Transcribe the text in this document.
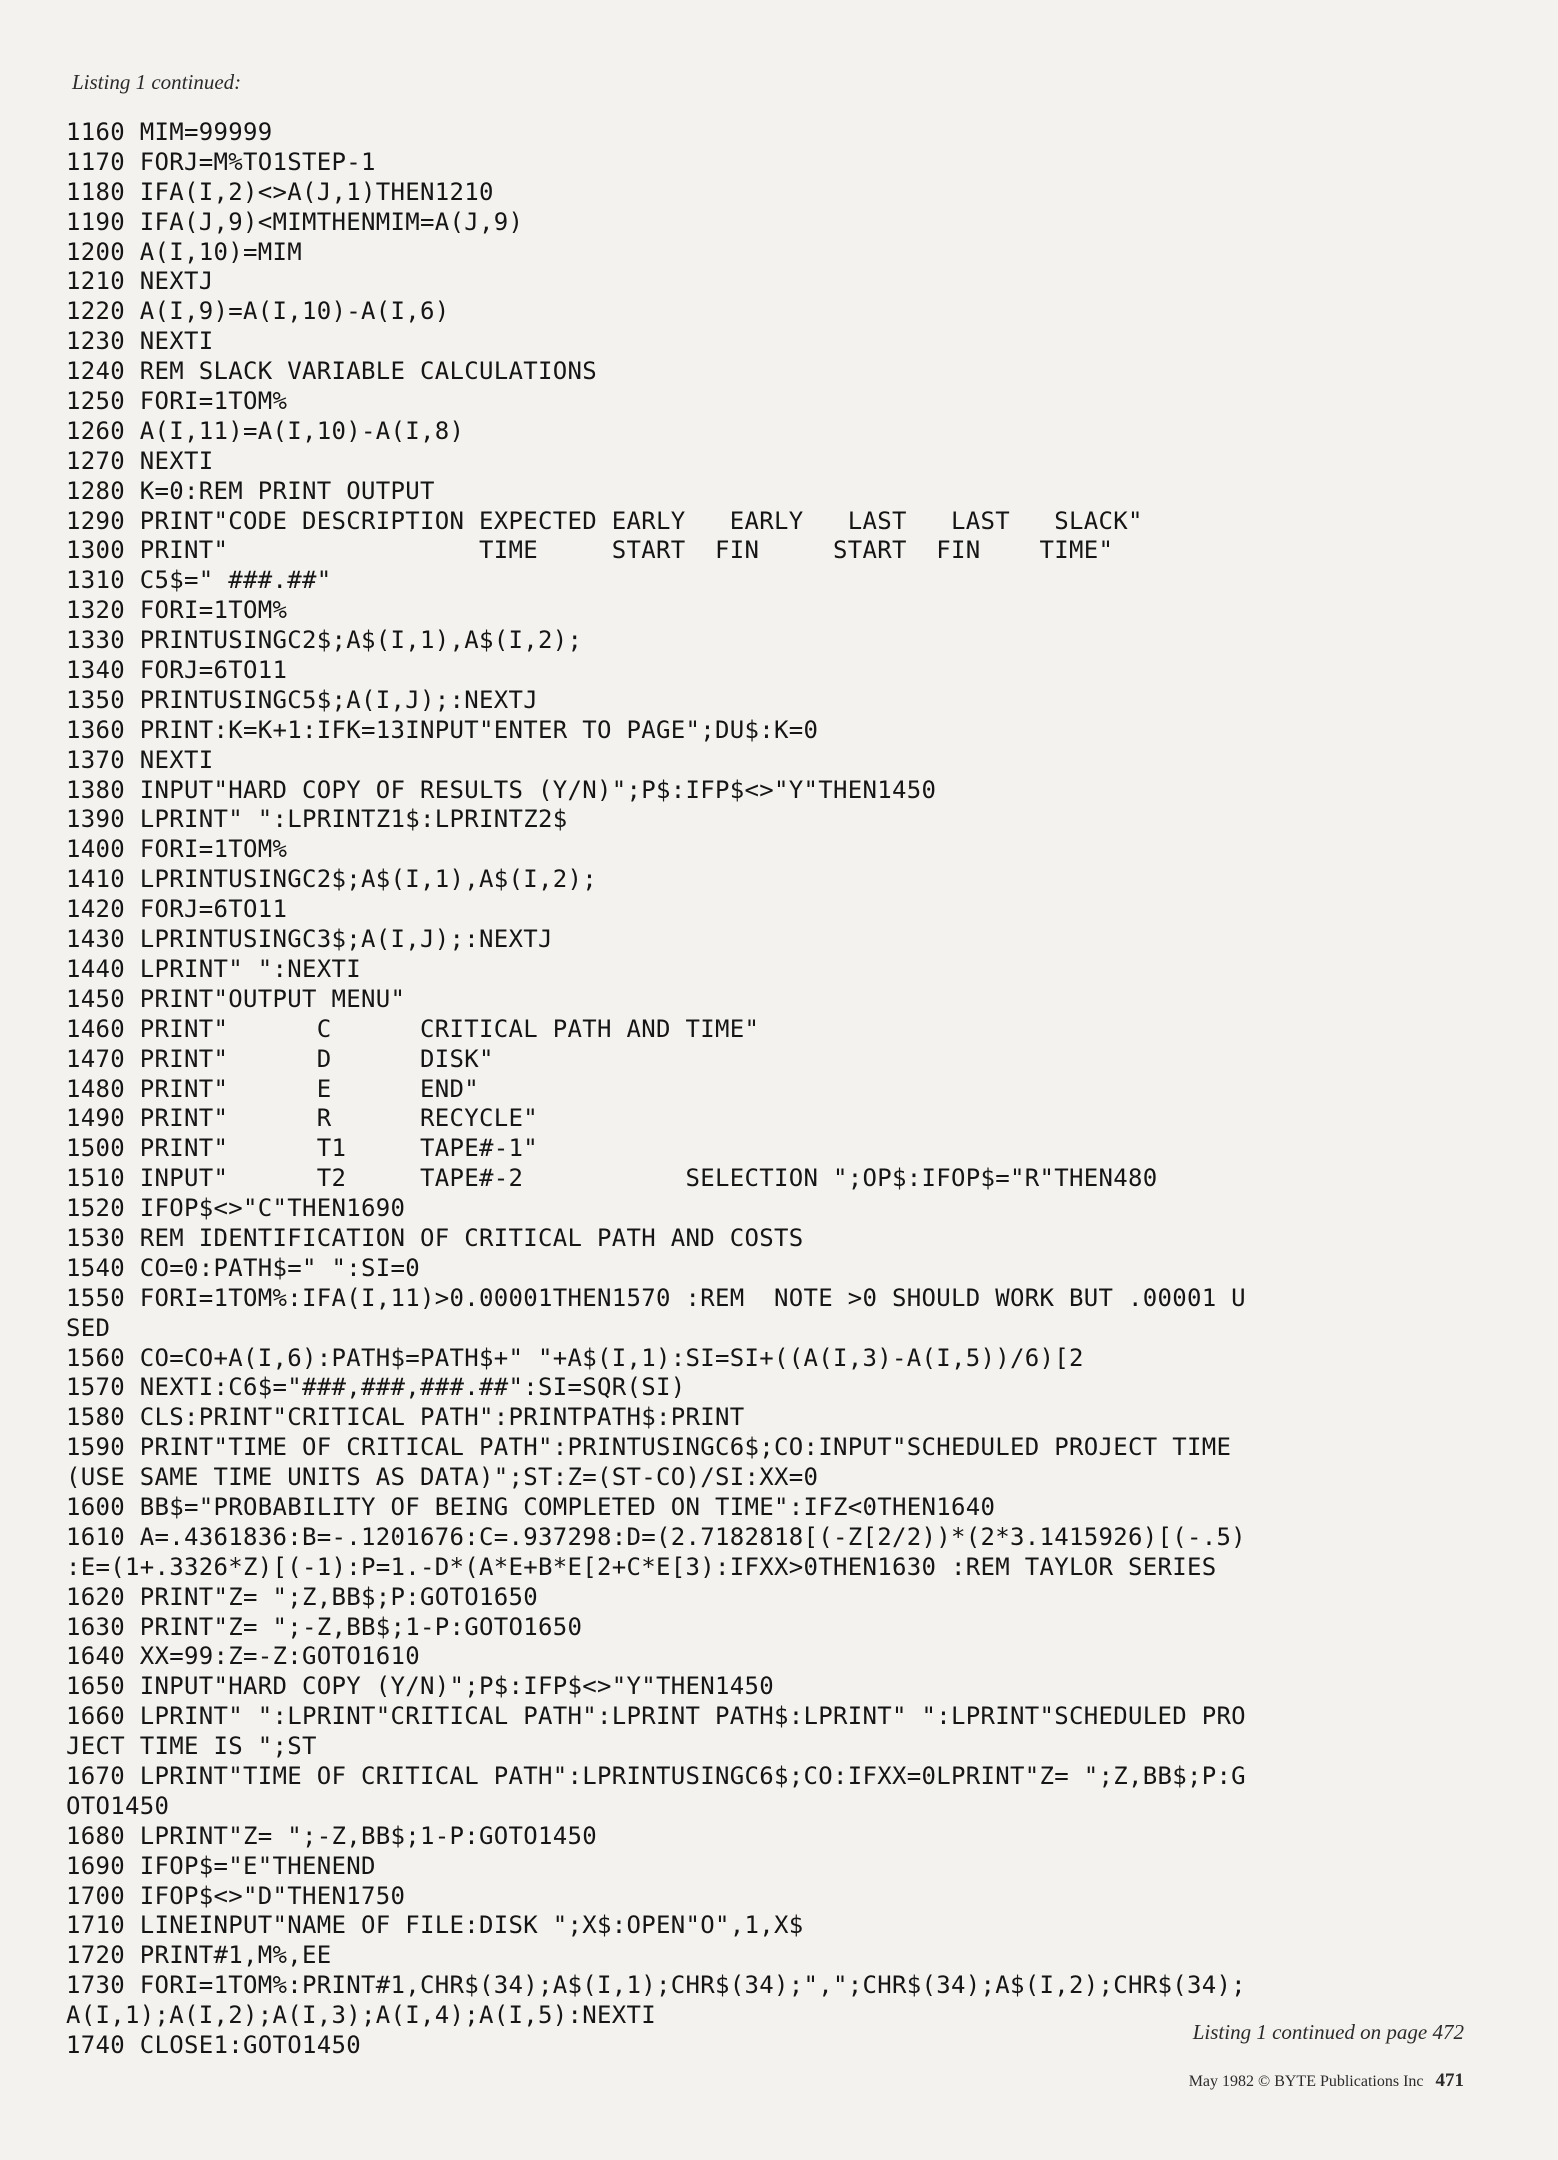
Listing 1 continued:
1160 MIM=99999
1170 FORJ=M%TO1STEP-1
1180 IFA(I,2)<>A(J,1)THEN1210
1190 IFA(J,9)<MIMTHENMIM=A(J,9)
1200 A(I,10)=MIM
1210 NEXTJ
1220 A(I,9)=A(I,10)-A(I,6)
1230 NEXTI
1240 REM SLACK VARIABLE CALCULATIONS
1250 FORI=1TOM%
1260 A(I,11)=A(I,10)-A(I,8)
1270 NEXTI
1280 K=0:REM PRINT OUTPUT
1290 PRINT"CODE DESCRIPTION EXPECTED EARLY   EARLY   LAST   LAST   SLACK"
1300 PRINT"                 TIME     START  FIN     START  FIN    TIME"
1310 C5$=" ###.##"
1320 FORI=1TOM%
1330 PRINTUSINGC2$;A$(I,1),A$(I,2);
1340 FORJ=6TO11
1350 PRINTUSINGC5$;A(I,J);:NEXTJ
1360 PRINT:K=K+1:IFK=13INPUT"ENTER TO PAGE";DU$:K=0
1370 NEXTI
1380 INPUT"HARD COPY OF RESULTS (Y/N)";P$:IFP$<>"Y"THEN1450
1390 LPRINT" ":LPRINTZ1$:LPRINTZ2$
1400 FORI=1TOM%
1410 LPRINTUSINGC2$;A$(I,1),A$(I,2);
1420 FORJ=6TO11
1430 LPRINTUSINGC3$;A(I,J);:NEXTJ
1440 LPRINT" ":NEXTI
1450 PRINT"OUTPUT MENU"
1460 PRINT"      C      CRITICAL PATH AND TIME"
1470 PRINT"      D      DISK"
1480 PRINT"      E      END"
1490 PRINT"      R      RECYCLE"
1500 PRINT"      T1     TAPE#-1"
1510 INPUT"      T2     TAPE#-2           SELECTION ";OP$:IFOP$="R"THEN480
1520 IFOP$<>"C"THEN1690
1530 REM IDENTIFICATION OF CRITICAL PATH AND COSTS
1540 CO=0:PATH$=" ":SI=0
1550 FORI=1TOM%:IFA(I,11)>0.00001THEN1570 :REM  NOTE >0 SHOULD WORK BUT .00001 U
SED
1560 CO=CO+A(I,6):PATH$=PATH$+" "+A$(I,1):SI=SI+((A(I,3)-A(I,5))/6)[2
1570 NEXTI:C6$="###,###,###.##":SI=SQR(SI)
1580 CLS:PRINT"CRITICAL PATH":PRINTPATH$:PRINT
1590 PRINT"TIME OF CRITICAL PATH":PRINTUSINGC6$;CO:INPUT"SCHEDULED PROJECT TIME
(USE SAME TIME UNITS AS DATA)";ST:Z=(ST-CO)/SI:XX=0
1600 BB$="PROBABILITY OF BEING COMPLETED ON TIME":IFZ<0THEN1640
1610 A=.4361836:B=-.1201676:C=.937298:D=(2.7182818[(-Z[2/2))*(2*3.1415926)[(-.5)
:E=(1+.3326*Z)[(-1):P=1.-D*(A*E+B*E[2+C*E[3):IFXX>0THEN1630 :REM TAYLOR SERIES
1620 PRINT"Z= ";Z,BB$;P:GOTO1650
1630 PRINT"Z= ";-Z,BB$;1-P:GOTO1650
1640 XX=99:Z=-Z:GOTO1610
1650 INPUT"HARD COPY (Y/N)";P$:IFP$<>"Y"THEN1450
1660 LPRINT" ":LPRINT"CRITICAL PATH":LPRINT PATH$:LPRINT" ":LPRINT"SCHEDULED PRO
JECT TIME IS ";ST
1670 LPRINT"TIME OF CRITICAL PATH":LPRINTUSINGC6$;CO:IFXX=0LPRINT"Z= ";Z,BB$;P:G
OTO1450
1680 LPRINT"Z= ";-Z,BB$;1-P:GOTO1450
1690 IFOP$="E"THENEND
1700 IFOP$<>"D"THEN1750
1710 LINEINPUT"NAME OF FILE:DISK ";X$:OPEN"O",1,X$
1720 PRINT#1,M%,EE
1730 FORI=1TOM%:PRINT#1,CHR$(34);A$(I,1);CHR$(34);",";CHR$(34);A$(I,2);CHR$(34);
A(I,1);A(I,2);A(I,3);A(I,4);A(I,5):NEXTI
1740 CLOSE1:GOTO1450	Listing 1 continued on page 472
May 1982 © BYTE Publications Inc 471
